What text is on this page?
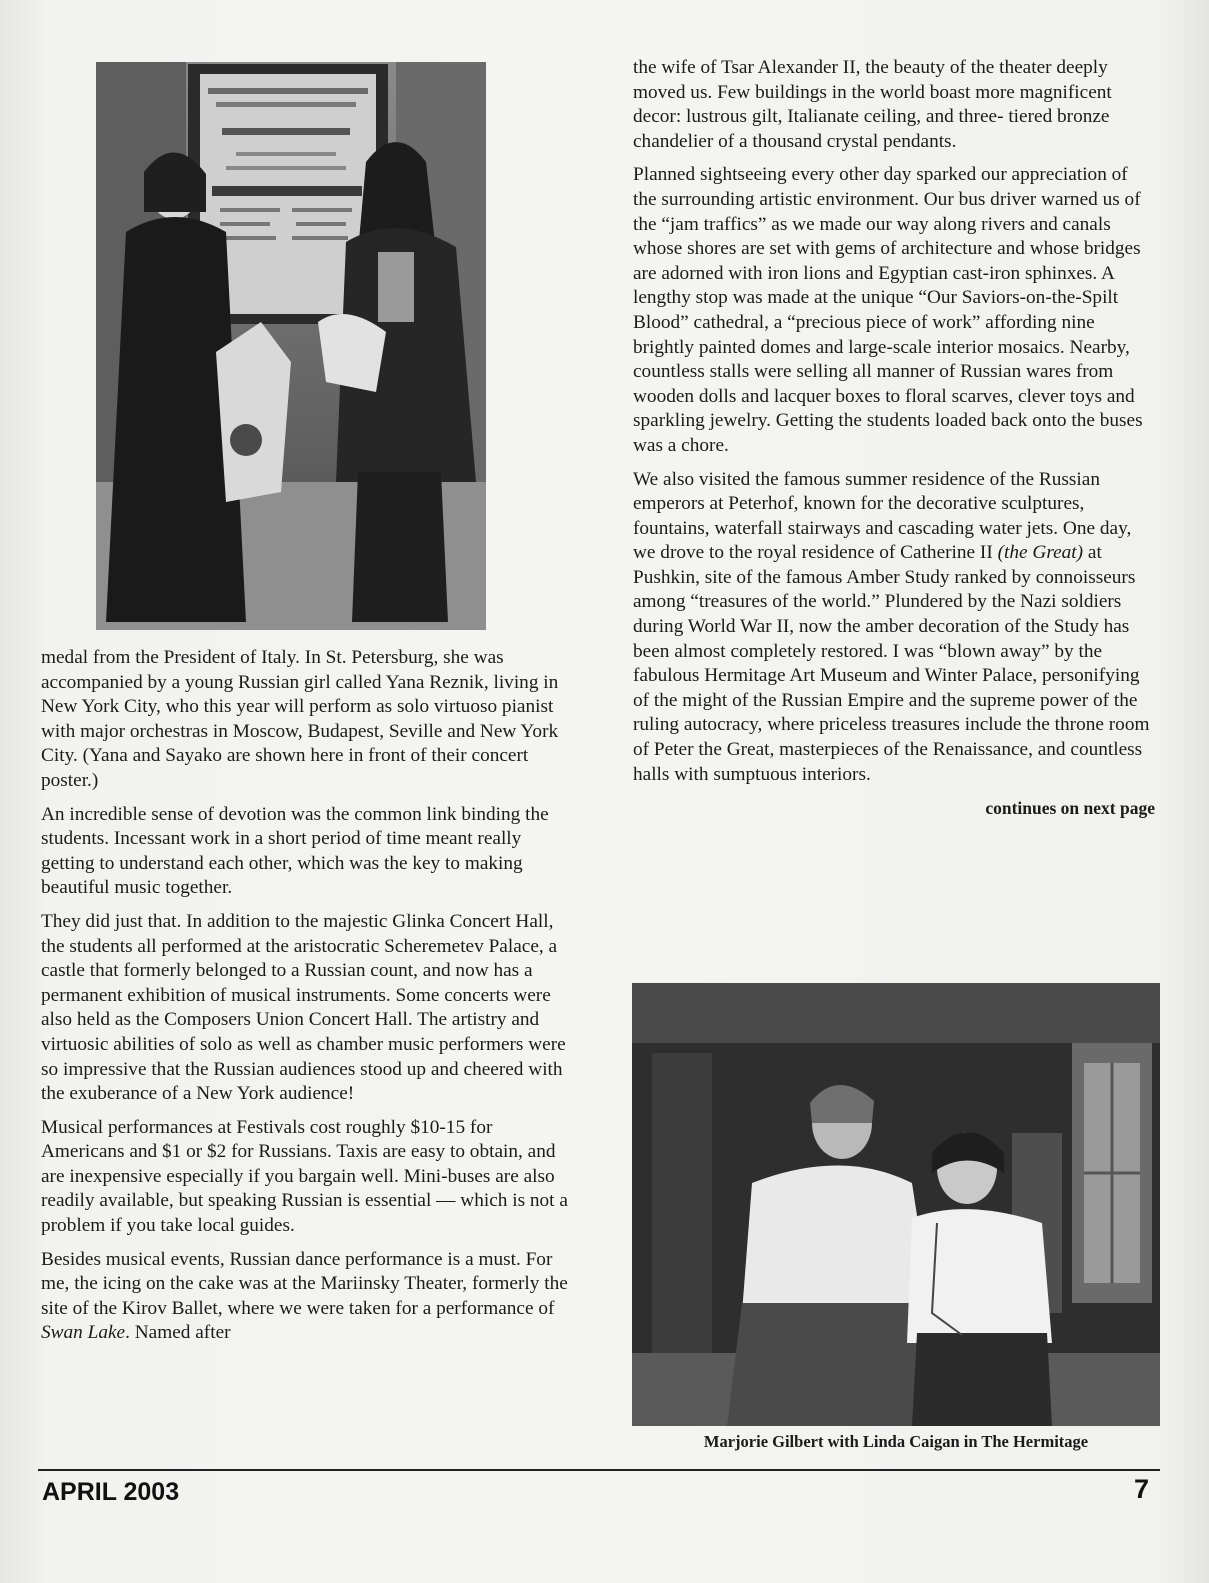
medal from the President of Italy. In St. Petersburg, she was accompanied by a young Russian girl called Yana Reznik, living in New York City, who this year will perform as solo virtuoso pianist with major orchestras in Moscow, Budapest, Seville and New York City. (Yana and Sayako are shown here in front of their concert poster.)

An incredible sense of devotion was the common link binding the students. Incessant work in a short period of time meant really getting to understand each other, which was the key to making beautiful music together.

They did just that. In addition to the majestic Glinka Concert Hall, the students all performed at the aristocratic Scheremetev Palace, a castle that formerly belonged to a Russian count, and now has a permanent exhibition of musical instruments. Some concerts were also held as the Composers Union Concert Hall. The artistry and virtuosic abilities of solo as well as chamber music performers were so impressive that the Russian audiences stood up and cheered with the exuberance of a New York audience!

Musical performances at Festivals cost roughly $10-15 for Americans and $1 or $2 for Russians. Taxis are easy to obtain, and are inexpensive especially if you bargain well. Mini-buses are also readily available, but speaking Russian is essential — which is not a problem if you take local guides.

Besides musical events, Russian dance performance is a must. For me, the icing on the cake was at the Mariinsky Theater, formerly the site of the Kirov Ballet, where we were taken for a performance of Swan Lake. Named after

the wife of Tsar Alexander II, the beauty of the theater deeply moved us. Few buildings in the world boast more magnificent decor: lustrous gilt, Italianate ceiling, and three- tiered bronze chandelier of a thousand crystal pendants.

Planned sightseeing every other day sparked our appreciation of the surrounding artistic environment. Our bus driver warned us of the “jam traffics” as we made our way along rivers and canals whose shores are set with gems of architecture and whose bridges are adorned with iron lions and Egyptian cast-iron sphinxes. A lengthy stop was made at the unique “Our Saviors-on-the-Spilt Blood” cathedral, a “precious piece of work” affording nine brightly painted domes and large-scale interior mosaics. Nearby, countless stalls were selling all manner of Russian wares from wooden dolls and lacquer boxes to floral scarves, clever toys and sparkling jewelry. Getting the students loaded back onto the buses was a chore.

We also visited the famous summer residence of the Russian emperors at Peterhof, known for the decorative sculptures, fountains, waterfall stairways and cascading water jets. One day, we drove to the royal residence of Catherine II (the Great) at Pushkin, site of the famous Amber Study ranked by connoisseurs among “treasures of the world.” Plundered by the Nazi soldiers during World War II, now the amber decoration of the Study has been almost completely restored. I was “blown away” by the fabulous Hermitage Art Museum and Winter Palace, personifying of the might of the Russian Empire and the supreme power of the ruling autocracy, where priceless treasures include the throne room of Peter the Great, masterpieces of the Renaissance, and countless halls with sumptuous interiors.

continues on next page

Marjorie Gilbert with Linda Caigan in The Hermitage
APRIL 2003	7
